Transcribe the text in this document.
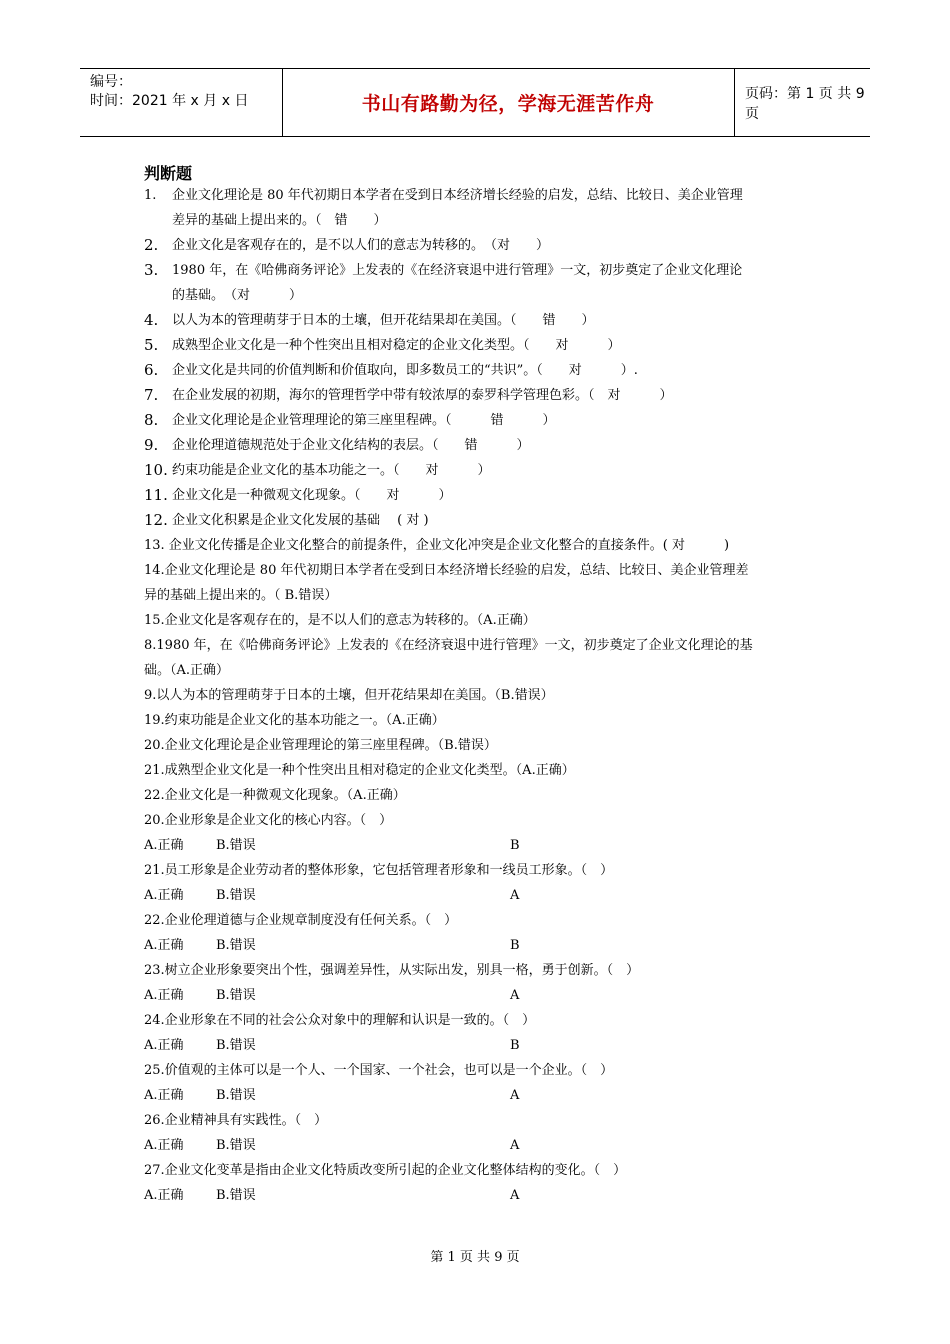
编号：
时间：2021 年 x 月 x 日	书山有路勤为径，学海无涯苦作舟	页码：第 1 页 共 9 页
判断题
1. 企业文化理论是 80 年代初期日本学者在受到日本经济增长经验的启发，总结、比较日、美企业管理
差异的基础上提出来的。（　错　　）
2. 企业文化是客观存在的，是不以人们的意志为转移的。　（对　　）
3. 1980 年，在《哈佛商务评论》上发表的《在经济衰退中进行管理》一文，初步奠定了企业文化理论
的基础。　（对　　　）
4. 以人为本的管理萌芽于日本的土壤，但开花结果却在美国。（　　错　　）
5. 成熟型企业文化是一种个性突出且相对稳定的企业文化类型。（　　对　　　）
6. 企业文化是共同的价值判断和价值取向，即多数员工的“共识”。（　　对　　　）.
7. 在企业发展的初期，海尔的管理哲学中带有较浓厚的泰罗科学管理色彩。（　对　　　）
8. 企业文化理论是企业管理理论的第三座里程碑。（　　　错　　　）
9. 企业伦理道德规范处于企业文化结构的表层。（　　错　　　）
10. 约束功能是企业文化的基本功能之一。（　　对　　　）
11. 企业文化是一种微观文化现象。（　　对　　　）
12. 企业文化积累是企业文化发展的基础　 ( 对 )
13. 企业文化传播是企业文化整合的前提条件，企业文化冲突是企业文化整合的直接条件。( 对　　　)
14.企业文化理论是 80 年代初期日本学者在受到日本经济增长经验的启发，总结、比较日、美企业管理差
异的基础上提出来的。（ B.错误）
15.企业文化是客观存在的，是不以人们的意志为转移的。（A.正确）
8.1980 年，在《哈佛商务评论》上发表的《在经济衰退中进行管理》一文，初步奠定了企业文化理论的基
础。（A.正确）
9.以人为本的管理萌芽于日本的土壤，但开花结果却在美国。（B.错误）
19.约束功能是企业文化的基本功能之一。（A.正确）
20.企业文化理论是企业管理理论的第三座里程碑。（B.错误）
21.成熟型企业文化是一种个性突出且相对稳定的企业文化类型。（A.正确）
22.企业文化是一种微观文化现象。（A.正确）
20.企业形象是企业文化的核心内容。（　）
A.正确 B.错误	B
21.员工形象是企业劳动者的整体形象，它包括管理者形象和一线员工形象。（　）
A.正确 B.错误	A
22.企业伦理道德与企业规章制度没有任何关系。（　）
A.正确 B.错误	B
23.树立企业形象要突出个性，强调差异性，从实际出发，别具一格，勇于创新。（　）
A.正确 B.错误	A
24.企业形象在不同的社会公众对象中的理解和认识是一致的。（　）
A.正确 B.错误	B
25.价值观的主体可以是一个人、一个国家、一个社会，也可以是一个企业。（　）
A.正确 B.错误	A
26.企业精神具有实践性。（　）
A.正确 B.错误	A
27.企业文化变革是指由企业文化特质改变所引起的企业文化整体结构的变化。（　）
A.正确 B.错误	A
第 1 页 共 9 页
